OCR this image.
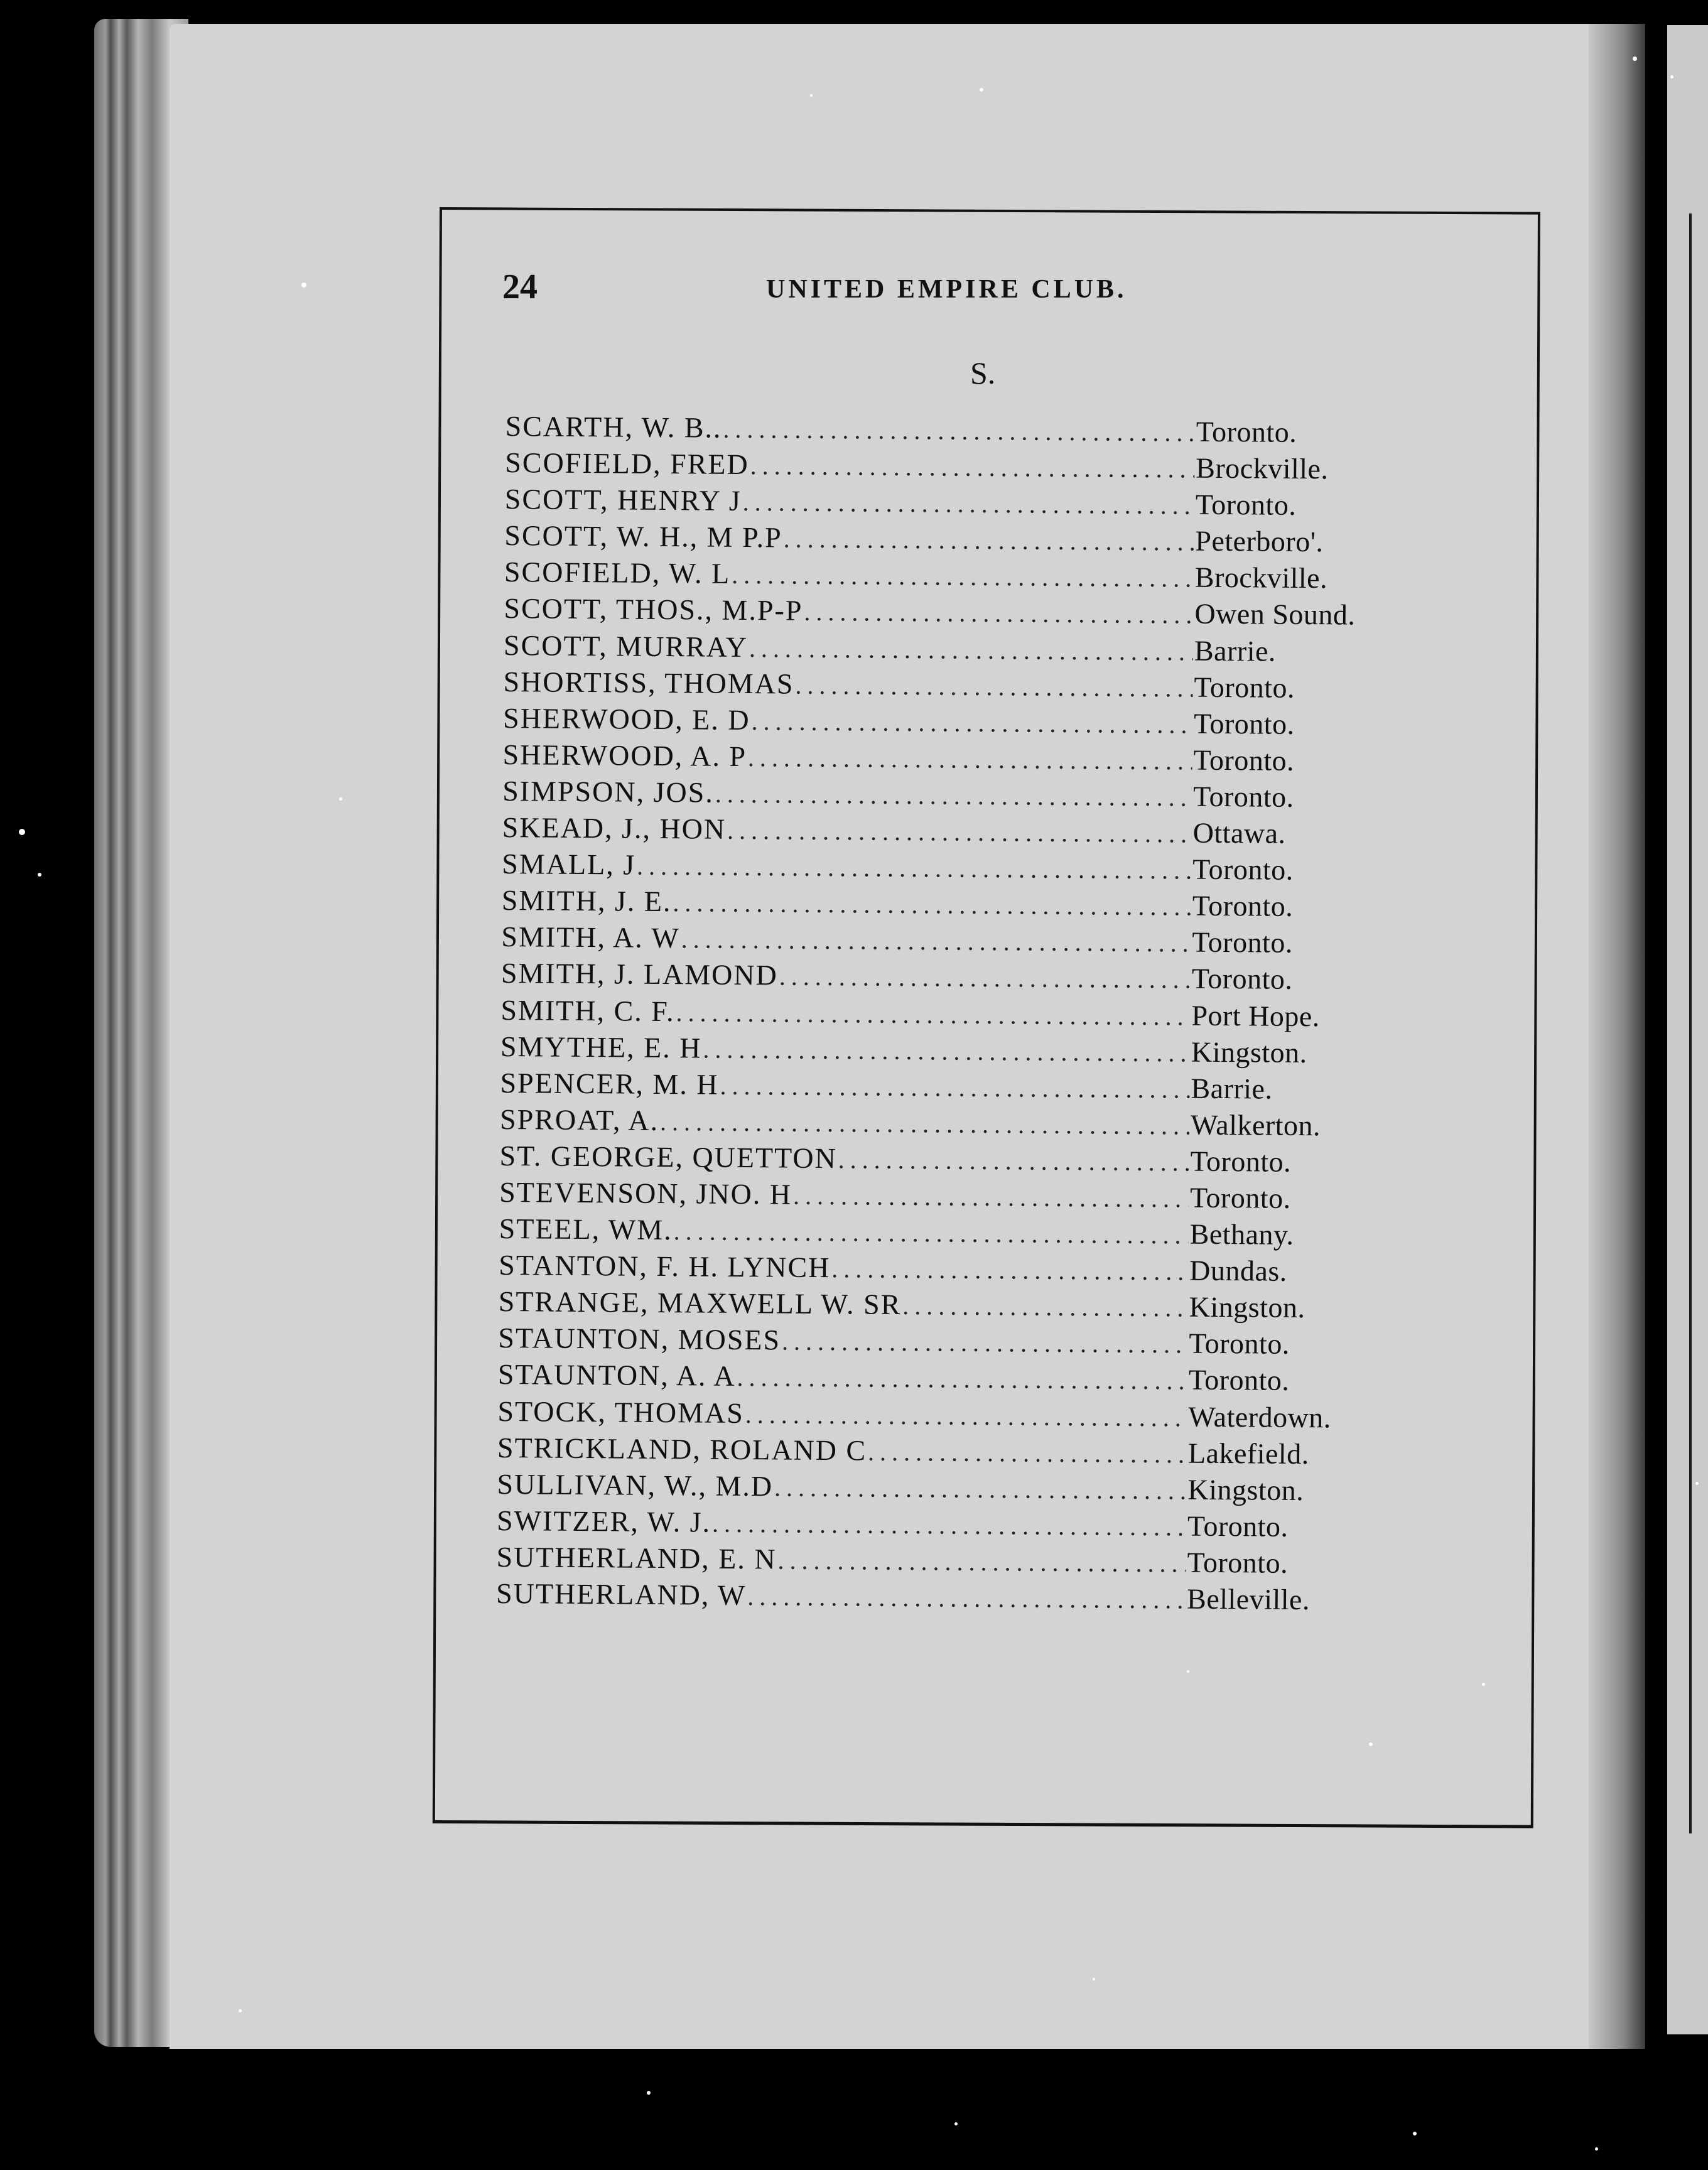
24	UNITED EMPIRE CLUB.
S.
SCARTH, W. B.. .....	Toronto.
SCOFIELD, FRED .....	Brockville.
SCOTT, HENRY J .....	Toronto.
SCOTT, W. H., M P.P .....	Peterboro'.
SCOFIELD, W. L .....	Brockville.
SCOTT, THOS., M.P-P .....	Owen Sound.
SCOTT, MURRAY .....	Barrie.
SHORTISS, THOMAS .....	Toronto.
SHERWOOD, E. D .....	Toronto.
SHERWOOD, A. P .....	Toronto.
SIMPSON, JOS. .....	Toronto.
SKEAD, J., HON .....	Ottawa.
SMALL, J .....	Toronto.
SMITH, J. E. .....	Toronto.
SMITH, A. W .....	Toronto.
SMITH, J. LAMOND .....	Toronto.
SMITH, C. F. .....	Port Hope.
SMYTHE, E. H .....	Kingston.
SPENCER, M. H .....	Barrie.
SPROAT, A. .....	Walkerton.
ST. GEORGE, QUETTON .....	Toronto.
STEVENSON, JNO. H .....	Toronto.
STEEL, WM. .....	Bethany.
STANTON, F. H. LYNCH .....	Dundas.
STRANGE, MAXWELL W. SR .....	Kingston.
STAUNTON, MOSES .....	Toronto.
STAUNTON, A. A .....	Toronto.
STOCK, THOMAS .....	Waterdown.
STRICKLAND, ROLAND C .....	Lakefield.
SULLIVAN, W., M.D .....	Kingston.
SWITZER, W. J. .....	Toronto.
SUTHERLAND, E. N .....	Toronto.
SUTHERLAND, W .....	Belleville.
